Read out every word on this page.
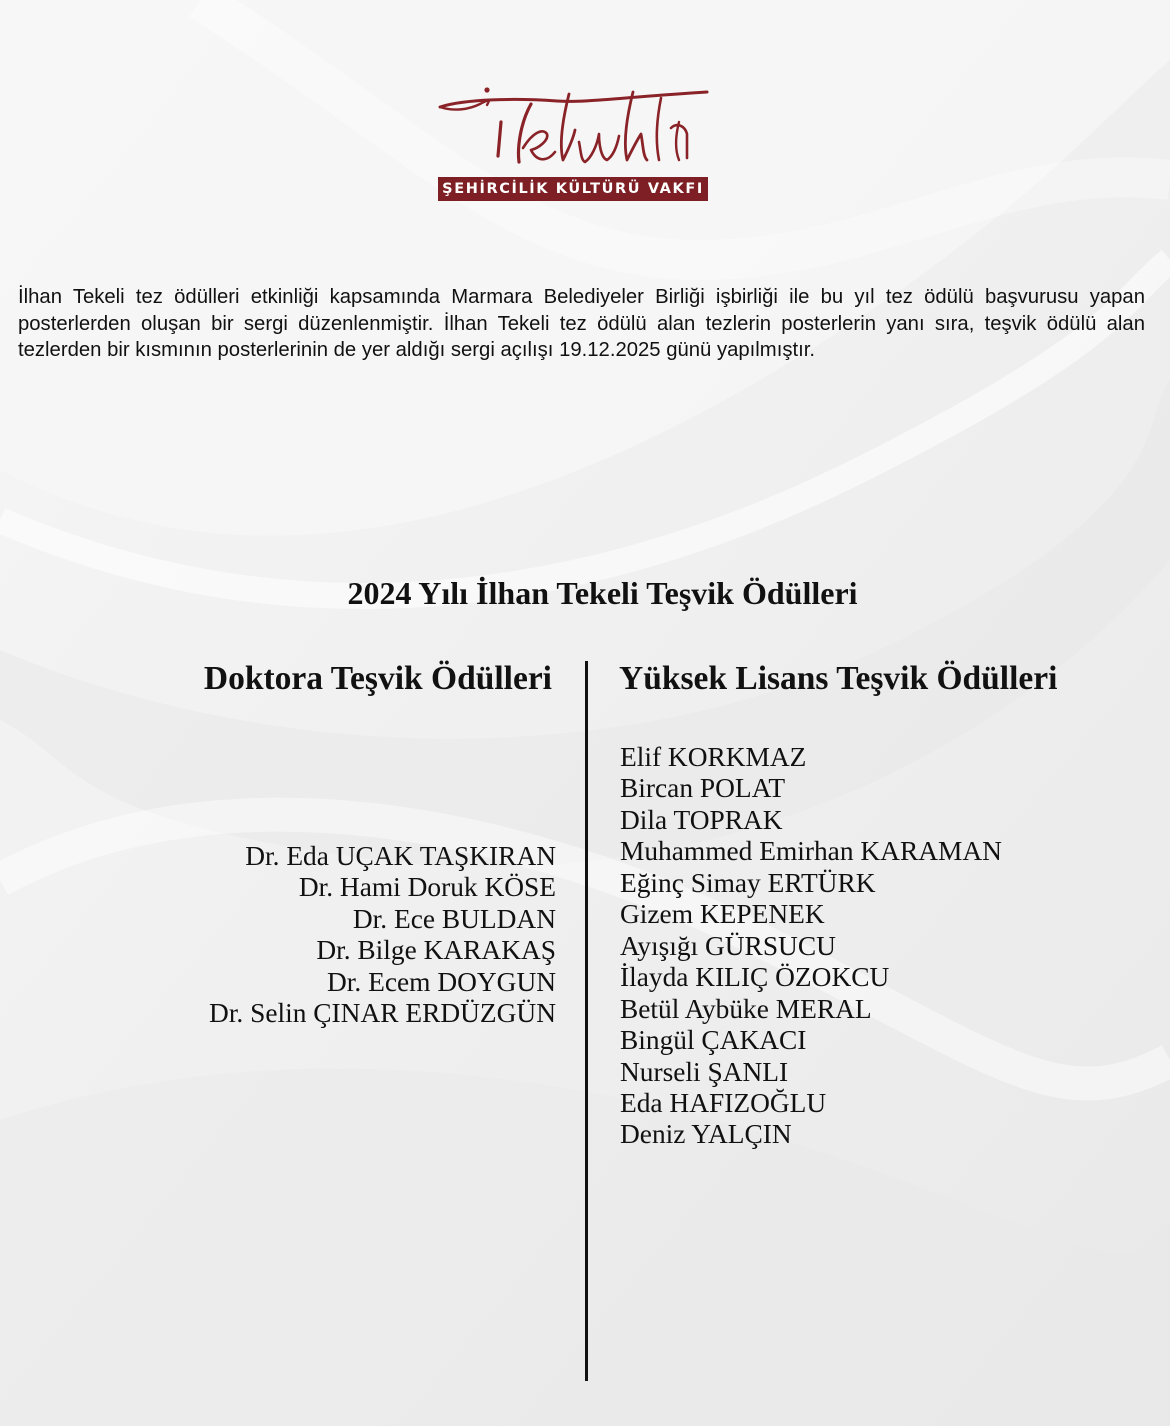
ŞEHİRCİLİK KÜLTÜRÜ VAKFI

İlhan Tekeli tez ödülleri etkinliği kapsamında Marmara Belediyeler Birliği işbirliği ile bu yıl tez ödülü başvurusu yapan posterlerden oluşan bir sergi düzenlenmiştir. İlhan Tekeli tez ödülü alan tezlerin posterlerin yanı sıra, teşvik ödülü alan tezlerden bir kısmının posterlerinin de yer aldığı sergi açılışı 19.12.2025 günü yapılmıştır.

2024 Yılı İlhan Tekeli Teşvik Ödülleri
Doktora Teşvik Ödülleri Yüksek Lisans Teşvik Ödülleri
Dr. Eda UÇAK TAŞKIRAN
Dr. Hami Doruk KÖSE
Dr. Ece BULDAN
Dr. Bilge KARAKAŞ
Dr. Ecem DOYGUN
Dr. Selin ÇINAR ERDÜZGÜN
Elif KORKMAZ
Bircan POLAT
Dila TOPRAK
Muhammed Emirhan KARAMAN
Eğinç Simay ERTÜRK
Gizem KEPENEK
Ayışığı GÜRSUCU
İlayda KILIÇ ÖZOKCU
Betül Aybüke MERAL
Bingül ÇAKACI
Nurseli ŞANLI
Eda HAFIZOĞLU
Deniz YALÇIN
